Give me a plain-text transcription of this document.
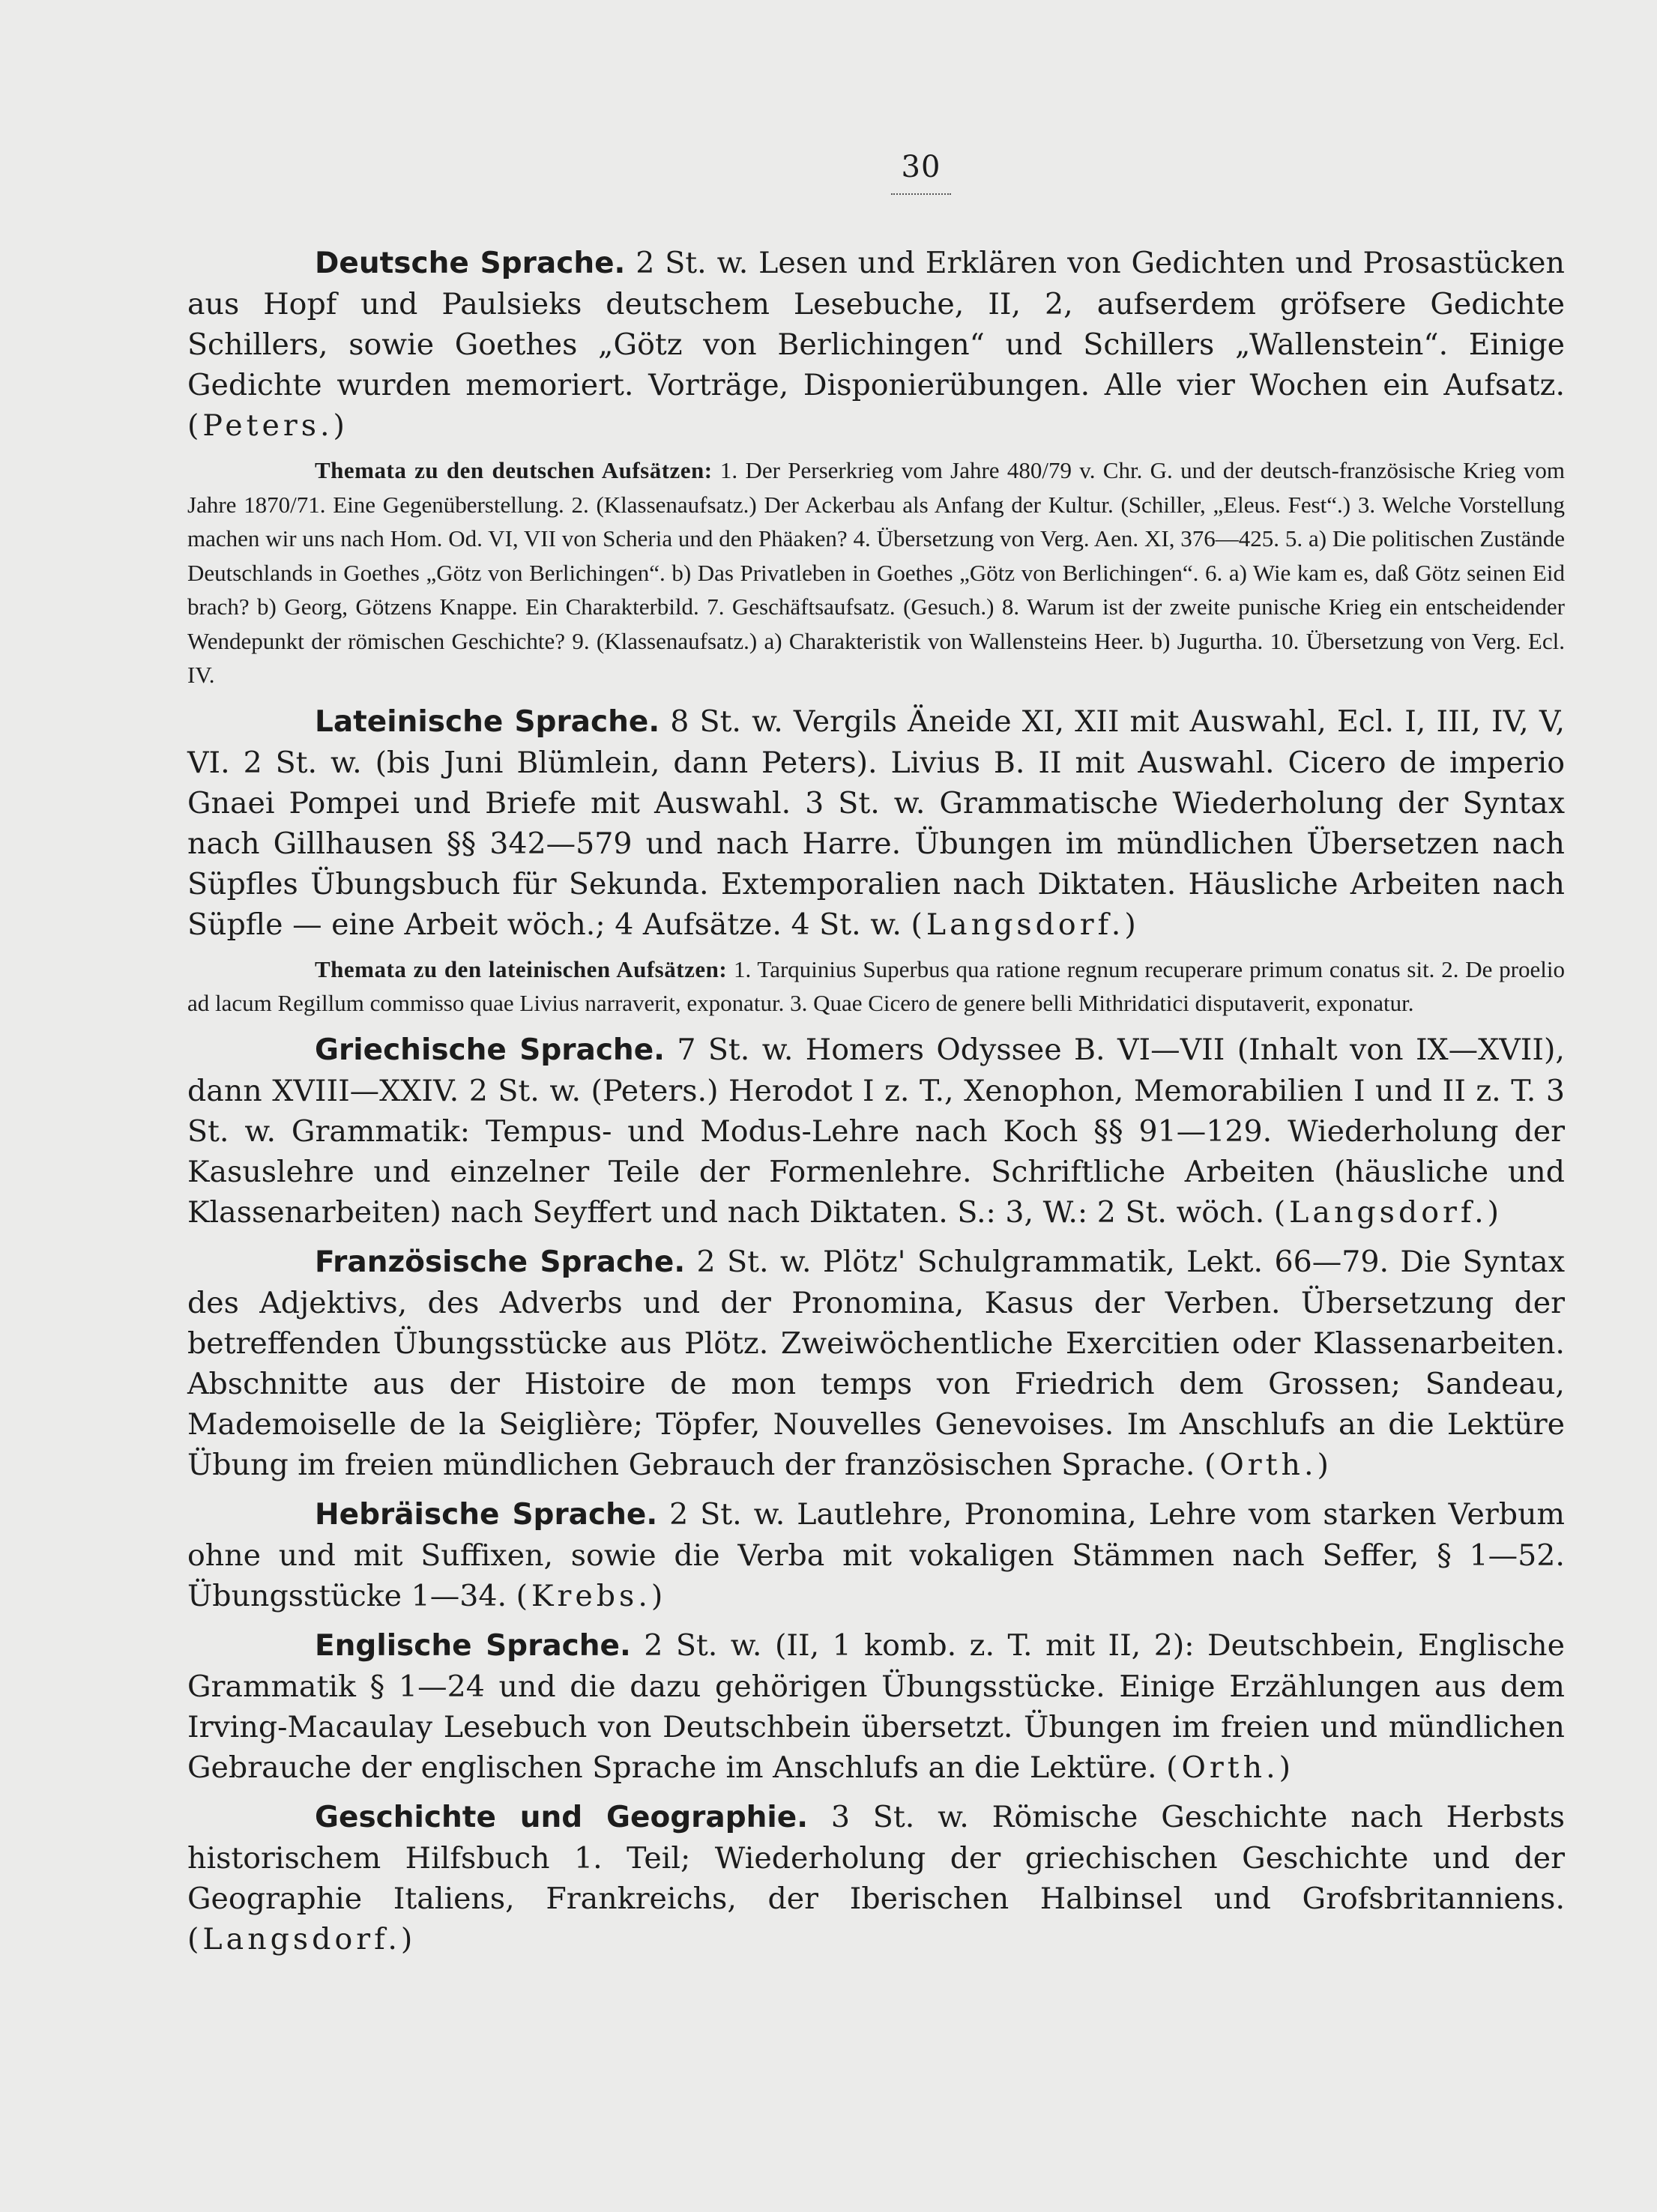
30

Deutsche Sprache. 2 St. w. Lesen und Erklären von Gedichten und Prosastücken aus Hopf und Paulsieks deutschem Lesebuche, II, 2, aufserdem gröfsere Gedichte Schillers, sowie Goethes „Götz von Berlichingen“ und Schillers „Wallenstein“. Einige Gedichte wurden memoriert. Vorträge, Disponierübungen. Alle vier Wochen ein Aufsatz. (Peters.)

Themata zu den deutschen Aufsätzen: 1. Der Perserkrieg vom Jahre 480/79 v. Chr. G. und der deutsch-französische Krieg vom Jahre 1870/71. Eine Gegenüberstellung. 2. (Klassenaufsatz.) Der Ackerbau als Anfang der Kultur. (Schiller, „Eleus. Fest“.) 3. Welche Vorstellung machen wir uns nach Hom. Od. VI, VII von Scheria und den Phäaken? 4. Übersetzung von Verg. Aen. XI, 376—425. 5. a) Die politischen Zustände Deutschlands in Goethes „Götz von Berlichingen“. b) Das Privatleben in Goethes „Götz von Berlichingen“. 6. a) Wie kam es, daß Götz seinen Eid brach? b) Georg, Götzens Knappe. Ein Charakterbild. 7. Geschäftsaufsatz. (Gesuch.) 8. Warum ist der zweite punische Krieg ein entscheidender Wendepunkt der römischen Geschichte? 9. (Klassenaufsatz.) a) Charakteristik von Wallensteins Heer. b) Jugurtha. 10. Übersetzung von Verg. Ecl. IV.

Lateinische Sprache. 8 St. w. Vergils Äneide XI, XII mit Auswahl, Ecl. I, III, IV, V, VI. 2 St. w. (bis Juni Blümlein, dann Peters). Livius B. II mit Auswahl. Cicero de imperio Gnaei Pompei und Briefe mit Auswahl. 3 St. w. Grammatische Wiederholung der Syntax nach Gillhausen §§ 342—579 und nach Harre. Übungen im mündlichen Übersetzen nach Süpfles Übungsbuch für Sekunda. Extemporalien nach Diktaten. Häusliche Arbeiten nach Süpfle — eine Arbeit wöch.; 4 Aufsätze. 4 St. w. (Langsdorf.)

Themata zu den lateinischen Aufsätzen: 1. Tarquinius Superbus qua ratione regnum recuperare primum conatus sit. 2. De proelio ad lacum Regillum commisso quae Livius narraverit, exponatur. 3. Quae Cicero de genere belli Mithridatici disputaverit, exponatur.

Griechische Sprache. 7 St. w. Homers Odyssee B. VI—VII (Inhalt von IX—XVII), dann XVIII—XXIV. 2 St. w. (Peters.) Herodot I z. T., Xenophon, Memorabilien I und II z. T. 3 St. w. Grammatik: Tempus- und Modus-Lehre nach Koch §§ 91—129. Wiederholung der Kasuslehre und einzelner Teile der Formenlehre. Schriftliche Arbeiten (häusliche und Klassenarbeiten) nach Seyffert und nach Diktaten. S.: 3, W.: 2 St. wöch. (Langsdorf.)

Französische Sprache. 2 St. w. Plötz' Schulgrammatik, Lekt. 66—79. Die Syntax des Adjektivs, des Adverbs und der Pronomina, Kasus der Verben. Übersetzung der betreffenden Übungsstücke aus Plötz. Zweiwöchentliche Exercitien oder Klassenarbeiten. Abschnitte aus der Histoire de mon temps von Friedrich dem Grossen; Sandeau, Mademoiselle de la Seiglière; Töpfer, Nouvelles Genevoises. Im Anschlufs an die Lektüre Übung im freien mündlichen Gebrauch der französischen Sprache. (Orth.)

Hebräische Sprache. 2 St. w. Lautlehre, Pronomina, Lehre vom starken Verbum ohne und mit Suffixen, sowie die Verba mit vokaligen Stämmen nach Seffer, § 1—52. Übungsstücke 1—34. (Krebs.)

Englische Sprache. 2 St. w. (II, 1 komb. z. T. mit II, 2): Deutschbein, Englische Grammatik § 1—24 und die dazu gehörigen Übungsstücke. Einige Erzählungen aus dem Irving-Macaulay Lesebuch von Deutschbein übersetzt. Übungen im freien und mündlichen Gebrauche der englischen Sprache im Anschlufs an die Lektüre. (Orth.)

Geschichte und Geographie. 3 St. w. Römische Geschichte nach Herbsts historischem Hilfsbuch 1. Teil; Wiederholung der griechischen Geschichte und der Geographie Italiens, Frankreichs, der Iberischen Halbinsel und Grofsbritanniens. (Langsdorf.)
